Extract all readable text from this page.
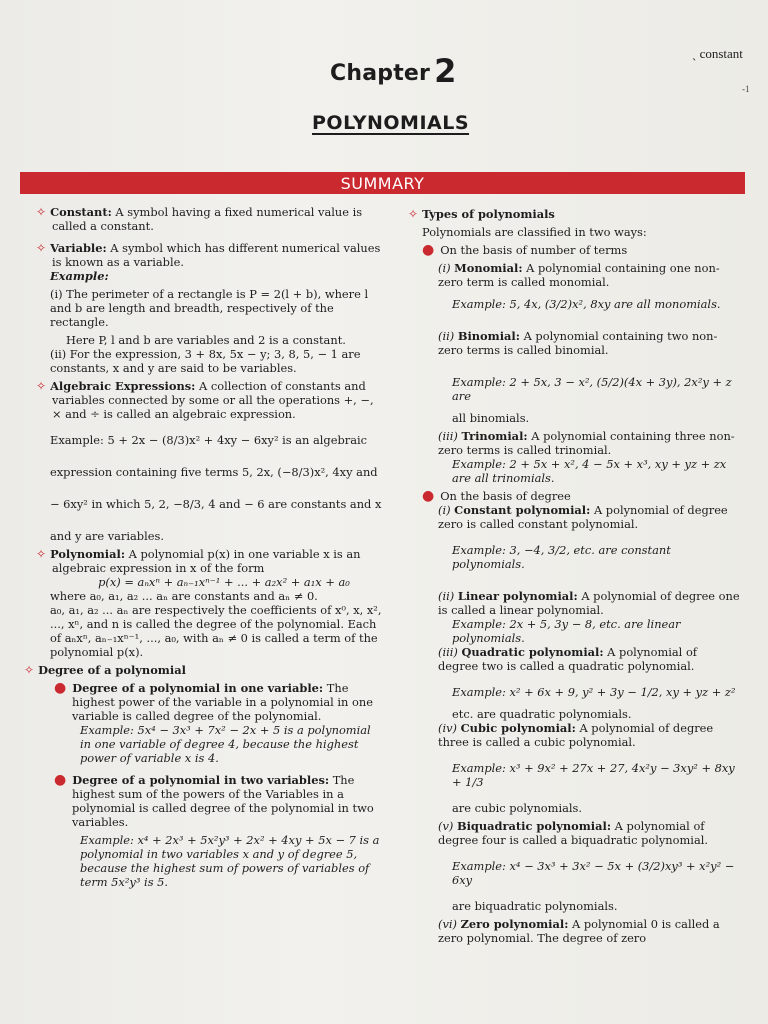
ˎ constant
-1
Chapter 2
POLYNOMIALS
SUMMARY

✧ Constant: A symbol having a fixed numerical value is called a constant.

✧ Variable: A symbol which has different numerical values is known as a variable.

Example:

(i) The perimeter of a rectangle is P = 2(l + b), where l and b are length and breadth, respectively of the rectangle.

Here P, l and b are variables and 2 is a constant.

(ii) For the expression, 3 + 8x, 5x − y; 3, 8, 5, − 1 are constants, x and y are said to be variables.

✧ Algebraic Expressions: A collection of constants and variables connected by some or all the operations +, −, × and ÷ is called an algebraic expression.

Example: 5 + 2x − (8/3)x² + 4xy − 6xy² is an algebraic

expression containing five terms 5, 2x, (−8/3)x², 4xy and

− 6xy² in which 5, 2, −8/3, 4 and − 6 are constants and x

and y are variables.

✧ Polynomial: A polynomial p(x) in one variable x is an algebraic expression in x of the form

p(x) = aₙxⁿ + aₙ₋₁xⁿ⁻¹ + ... + a₂x² + a₁x + a₀

where a₀, a₁, a₂ ... aₙ are constants and aₙ ≠ 0.

a₀, a₁, a₂ ... aₙ are respectively the coefficients of x⁰, x, x², ..., xⁿ, and n is called the degree of the polynomial. Each of aₙxⁿ, aₙ₋₁xⁿ⁻¹, ..., a₀, with aₙ ≠ 0 is called a term of the polynomial p(x).

✧ Degree of a polynomial

● Degree of a polynomial in one variable: The highest power of the variable in a polynomial in one variable is called degree of the polynomial.

Example: 5x⁴ − 3x³ + 7x² − 2x + 5 is a polynomial in one variable of degree 4, because the highest power of variable x is 4.

● Degree of a polynomial in two variables: The highest sum of the powers of the Variables in a polynomial is called degree of the polynomial in two variables.

Example: x⁴ + 2x³ + 5x²y³ + 2x² + 4xy + 5x − 7 is a polynomial in two variables x and y of degree 5, because the highest sum of powers of variables of term 5x²y³ is 5.

✧ Types of polynomials

Polynomials are classified in two ways:

● On the basis of number of terms

(i) Monomial: A polynomial containing one non-zero term is called monomial.

Example: 5, 4x, (3/2)x², 8xy are all monomials.

(ii) Binomial: A polynomial containing two non-zero terms is called binomial.

Example: 2 + 5x, 3 − x², (5/2)(4x + 3y), 2x²y + z are

all binomials.

(iii) Trinomial: A polynomial containing three non-zero terms is called trinomial.

Example: 2 + 5x + x², 4 − 5x + x³, xy + yz + zx are all trinomials.

● On the basis of degree

(i) Constant polynomial: A polynomial of degree zero is called constant polynomial.

Example: 3, −4, 3/2, etc. are constant polynomials.

(ii) Linear polynomial: A polynomial of degree one is called a linear polynomial.

Example: 2x + 5, 3y − 8, etc. are linear polynomials.

(iii) Quadratic polynomial: A polynomial of degree two is called a quadratic polynomial.

Example: x² + 6x + 9, y² + 3y − 1/2, xy + yz + z²

etc. are quadratic polynomials.

(iv) Cubic polynomial: A polynomial of degree three is called a cubic polynomial.

Example: x³ + 9x² + 27x + 27, 4x²y − 3xy² + 8xy + 1/3

are cubic polynomials.

(v) Biquadratic polynomial: A polynomial of degree four is called a biquadratic polynomial.

Example: x⁴ − 3x³ + 3x² − 5x + (3/2)xy³ + x²y² − 6xy

are biquadratic polynomials.

(vi) Zero polynomial: A polynomial 0 is called a zero polynomial. The degree of zero
